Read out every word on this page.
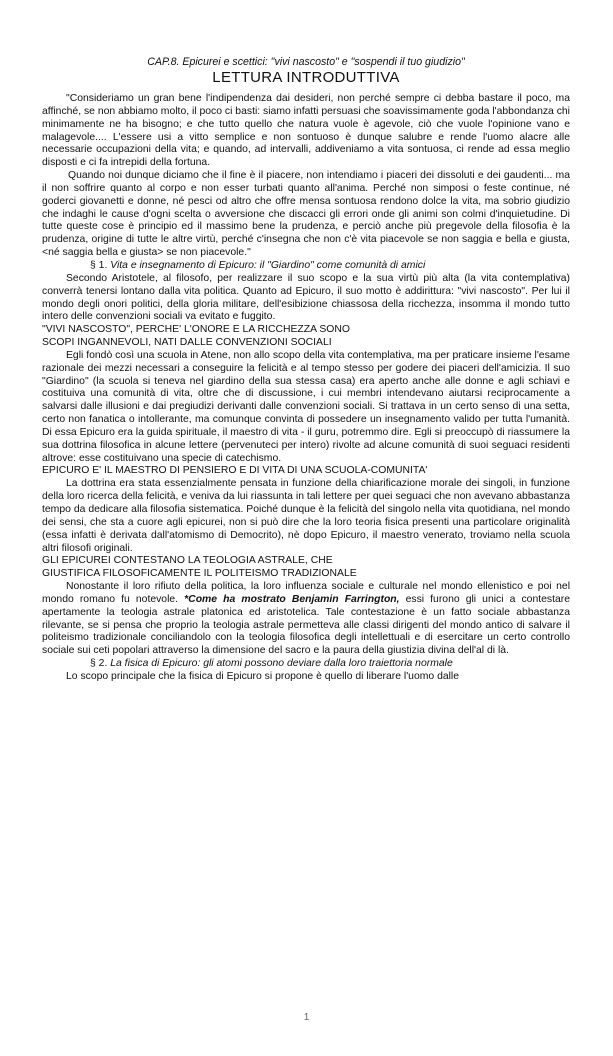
CAP.8. Epicurei e scettici: "vivi nascosto" e "sospendi il tuo giudizio"
LETTURA INTRODUTTIVA

"Consideriamo un gran bene l'indipendenza dai desideri, non perché sempre ci debba bastare il poco, ma affinché, se non abbiamo molto, il poco ci basti: siamo infatti persuasi che soavissimamente goda l'abbondanza chi minimamente ne ha bisogno; e che tutto quello che natura vuole è agevole, ciò che vuole l'opinione vano e malagevole.... L'essere usi a vitto semplice e non sontuoso è dunque salubre e rende l'uomo alacre alle necessarie occupazioni della vita; e quando, ad intervalli, addiveniamo a vita sontuosa, ci rende ad essa meglio disposti e ci fa intrepidi della fortuna.

Quando noi dunque diciamo che il fine è il piacere, non intendiamo i piaceri dei dissoluti e dei gaudenti... ma il non soffrire quanto al corpo e non esser turbati quanto all'anima. Perché non simposi o feste continue, né goderci giovanetti e donne, né pesci od altro che offre mensa sontuosa rendono dolce la vita, ma sobrio giudizio che indaghi le cause d'ogni scelta o avversione che discacci gli errori onde gli animi son colmi d'inquietudine. Di tutte queste cose è principio ed il massimo bene la prudenza, e perciò anche più pregevole della filosofia è la prudenza, origine di tutte le altre virtù, perché c'insegna che non c'è vita piacevole se non saggia e bella e giusta, <né saggia bella e giusta> se non piacevole."

§ 1. Vita e insegnamento di Epicuro: il "Giardino" come comunità di amici

Secondo Aristotele, al filosofo, per realizzare il suo scopo e la sua virtù più alta (la vita contemplativa) converrà tenersi lontano dalla vita politica. Quanto ad Epicuro, il suo motto è addirittura: "vivi nascosto". Per lui il mondo degli onori politici, della gloria militare, dell'esibizione chiassosa della ricchezza, insomma il mondo tutto intero delle convenzioni sociali va evitato e fuggito.

"VIVI NASCOSTO", PERCHE' L'ONORE E LA RICCHEZZA SONO

SCOPI INGANNEVOLI, NATI DALLE CONVENZIONI SOCIALI

Egli fondò così una scuola in Atene, non allo scopo della vita contemplativa, ma per praticare insieme l'esame razionale dei mezzi necessari a conseguire la felicità e al tempo stesso per godere dei piaceri dell'amicizia. Il suo "Giardino" (la scuola si teneva nel giardino della sua stessa casa) era aperto anche alle donne e agli schiavi e costituiva una comunità di vita, oltre che di discussione, i cui membri intendevano aiutarsi reciprocamente a salvarsi dalle illusioni e dai pregiudizi derivanti dalle convenzioni sociali. Si trattava in un certo senso di una setta, certo non fanatica o intollerante, ma comunque convinta di possedere un insegnamento valido per tutta l'umanità. Di essa Epicuro era la guida spirituale, il maestro di vita - il guru, potremmo dire. Egli si preoccupò di riassumere la sua dottrina filosofica in alcune lettere (pervenuteci per intero) rivolte ad alcune comunità di suoi seguaci residenti altrove: esse costituivano una specie di catechismo.

EPICURO E' IL MAESTRO DI PENSIERO E DI VITA DI UNA SCUOLA-COMUNITA'

La dottrina era stata essenzialmente pensata in funzione della chiarificazione morale dei singoli, in funzione della loro ricerca della felicità, e veniva da lui riassunta in tali lettere per quei seguaci che non avevano abbastanza tempo da dedicare alla filosofia sistematica. Poiché dunque è la felicità del singolo nella vita quotidiana, nel mondo dei sensi, che sta a cuore agli epicurei, non si può dire che la loro teoria fisica presenti una particolare originalità (essa infatti è derivata dall'atomismo di Democrito), nè dopo Epicuro, il maestro venerato, troviamo nella scuola altri filosofi originali.

GLI EPICUREI CONTESTANO LA TEOLOGIA ASTRALE, CHE

GIUSTIFICA FILOSOFICAMENTE IL POLITEISMO TRADIZIONALE

Nonostante il loro rifiuto della politica, la loro influenza sociale e culturale nel mondo ellenistico e poi nel mondo romano fu notevole. *Come ha mostrato Benjamin Farrington, essi furono gli unici a contestare apertamente la teologia astrale platonica ed aristotelica. Tale contestazione è un fatto sociale abbastanza rilevante, se si pensa che proprio la teologia astrale permetteva alle classi dirigenti del mondo antico di salvare il politeismo tradizionale conciliandolo con la teologia filosofica degli intellettuali e di esercitare un certo controllo sociale sui ceti popolari attraverso la dimensione del sacro e la paura della giustizia divina dell'al di là.

§ 2. La fisica di Epicuro: gli atomi possono deviare dalla loro traiettoria normale

Lo scopo principale che la fisica di Epicuro si propone è quello di liberare l'uomo dalle

1
